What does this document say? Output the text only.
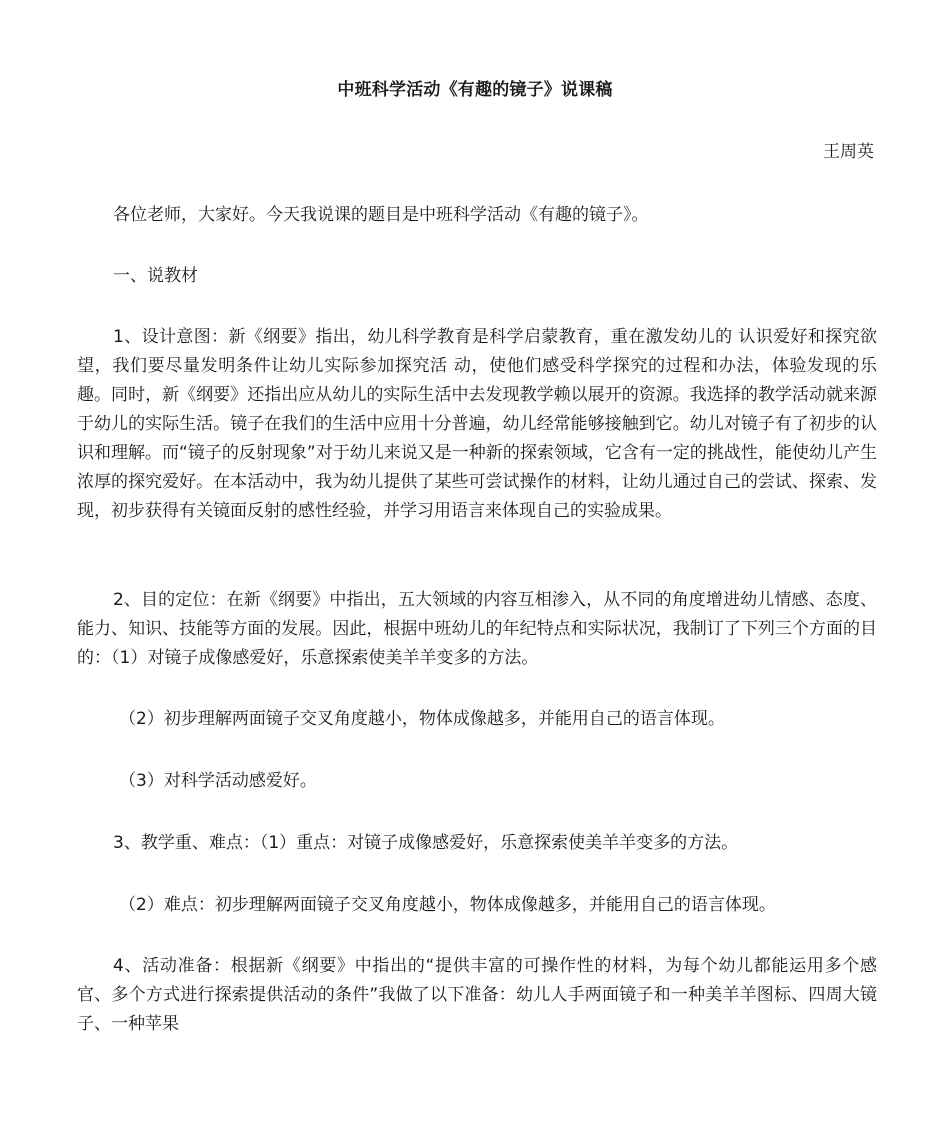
中班科学活动《有趣的镜子》说课稿
王周英

各位老师，大家好。今天我说课的题目是中班科学活动《有趣的镜子》。

一、说教材

1、设计意图：新《纲要》指出，幼儿科学教育是科学启蒙教育，重在激发幼儿的 认识爱好和探究欲望，我们要尽量发明条件让幼儿实际参加探究活 动，使他们感受科学探究的过程和办法，体验发现的乐趣。同时，新《纲要》还指出应从幼儿的实际生活中去发现教学赖以展开的资源。我选择的教学活动就来源于幼儿的实际生活。镜子在我们的生活中应用十分普遍，幼儿经常能够接触到它。幼儿对镜子有了初步的认识和理解。而“镜子的反射现象”对于幼儿来说又是一种新的探索领域，它含有一定的挑战性，能使幼儿产生浓厚的探究爱好。在本活动中，我为幼儿提供了某些可尝试操作的材料，让幼儿通过自己的尝试、探索、发现，初步获得有关镜面反射的感性经验，并学习用语言来体现自己的实验成果。

2、目的定位：在新《纲要》中指出，五大领域的内容互相渗入，从不同的角度增进幼儿情感、态度、能力、知识、技能等方面的发展。因此，根据中班幼儿的年纪特点和实际状况，我制订了下列三个方面的目的：（1）对镜子成像感爱好，乐意探索使美羊羊变多的方法。

（2）初步理解两面镜子交叉角度越小，物体成像越多，并能用自己的语言体现。

（3）对科学活动感爱好。

3、教学重、难点：（1）重点：对镜子成像感爱好，乐意探索使美羊羊变多的方法。

（2）难点：初步理解两面镜子交叉角度越小，物体成像越多，并能用自己的语言体现。

4、活动准备：根据新《纲要》中指出的“提供丰富的可操作性的材料，为每个幼儿都能运用多个感官、多个方式进行探索提供活动的条件”我做了以下准备：幼儿人手两面镜子和一种美羊羊图标、四周大镜子、一种苹果
